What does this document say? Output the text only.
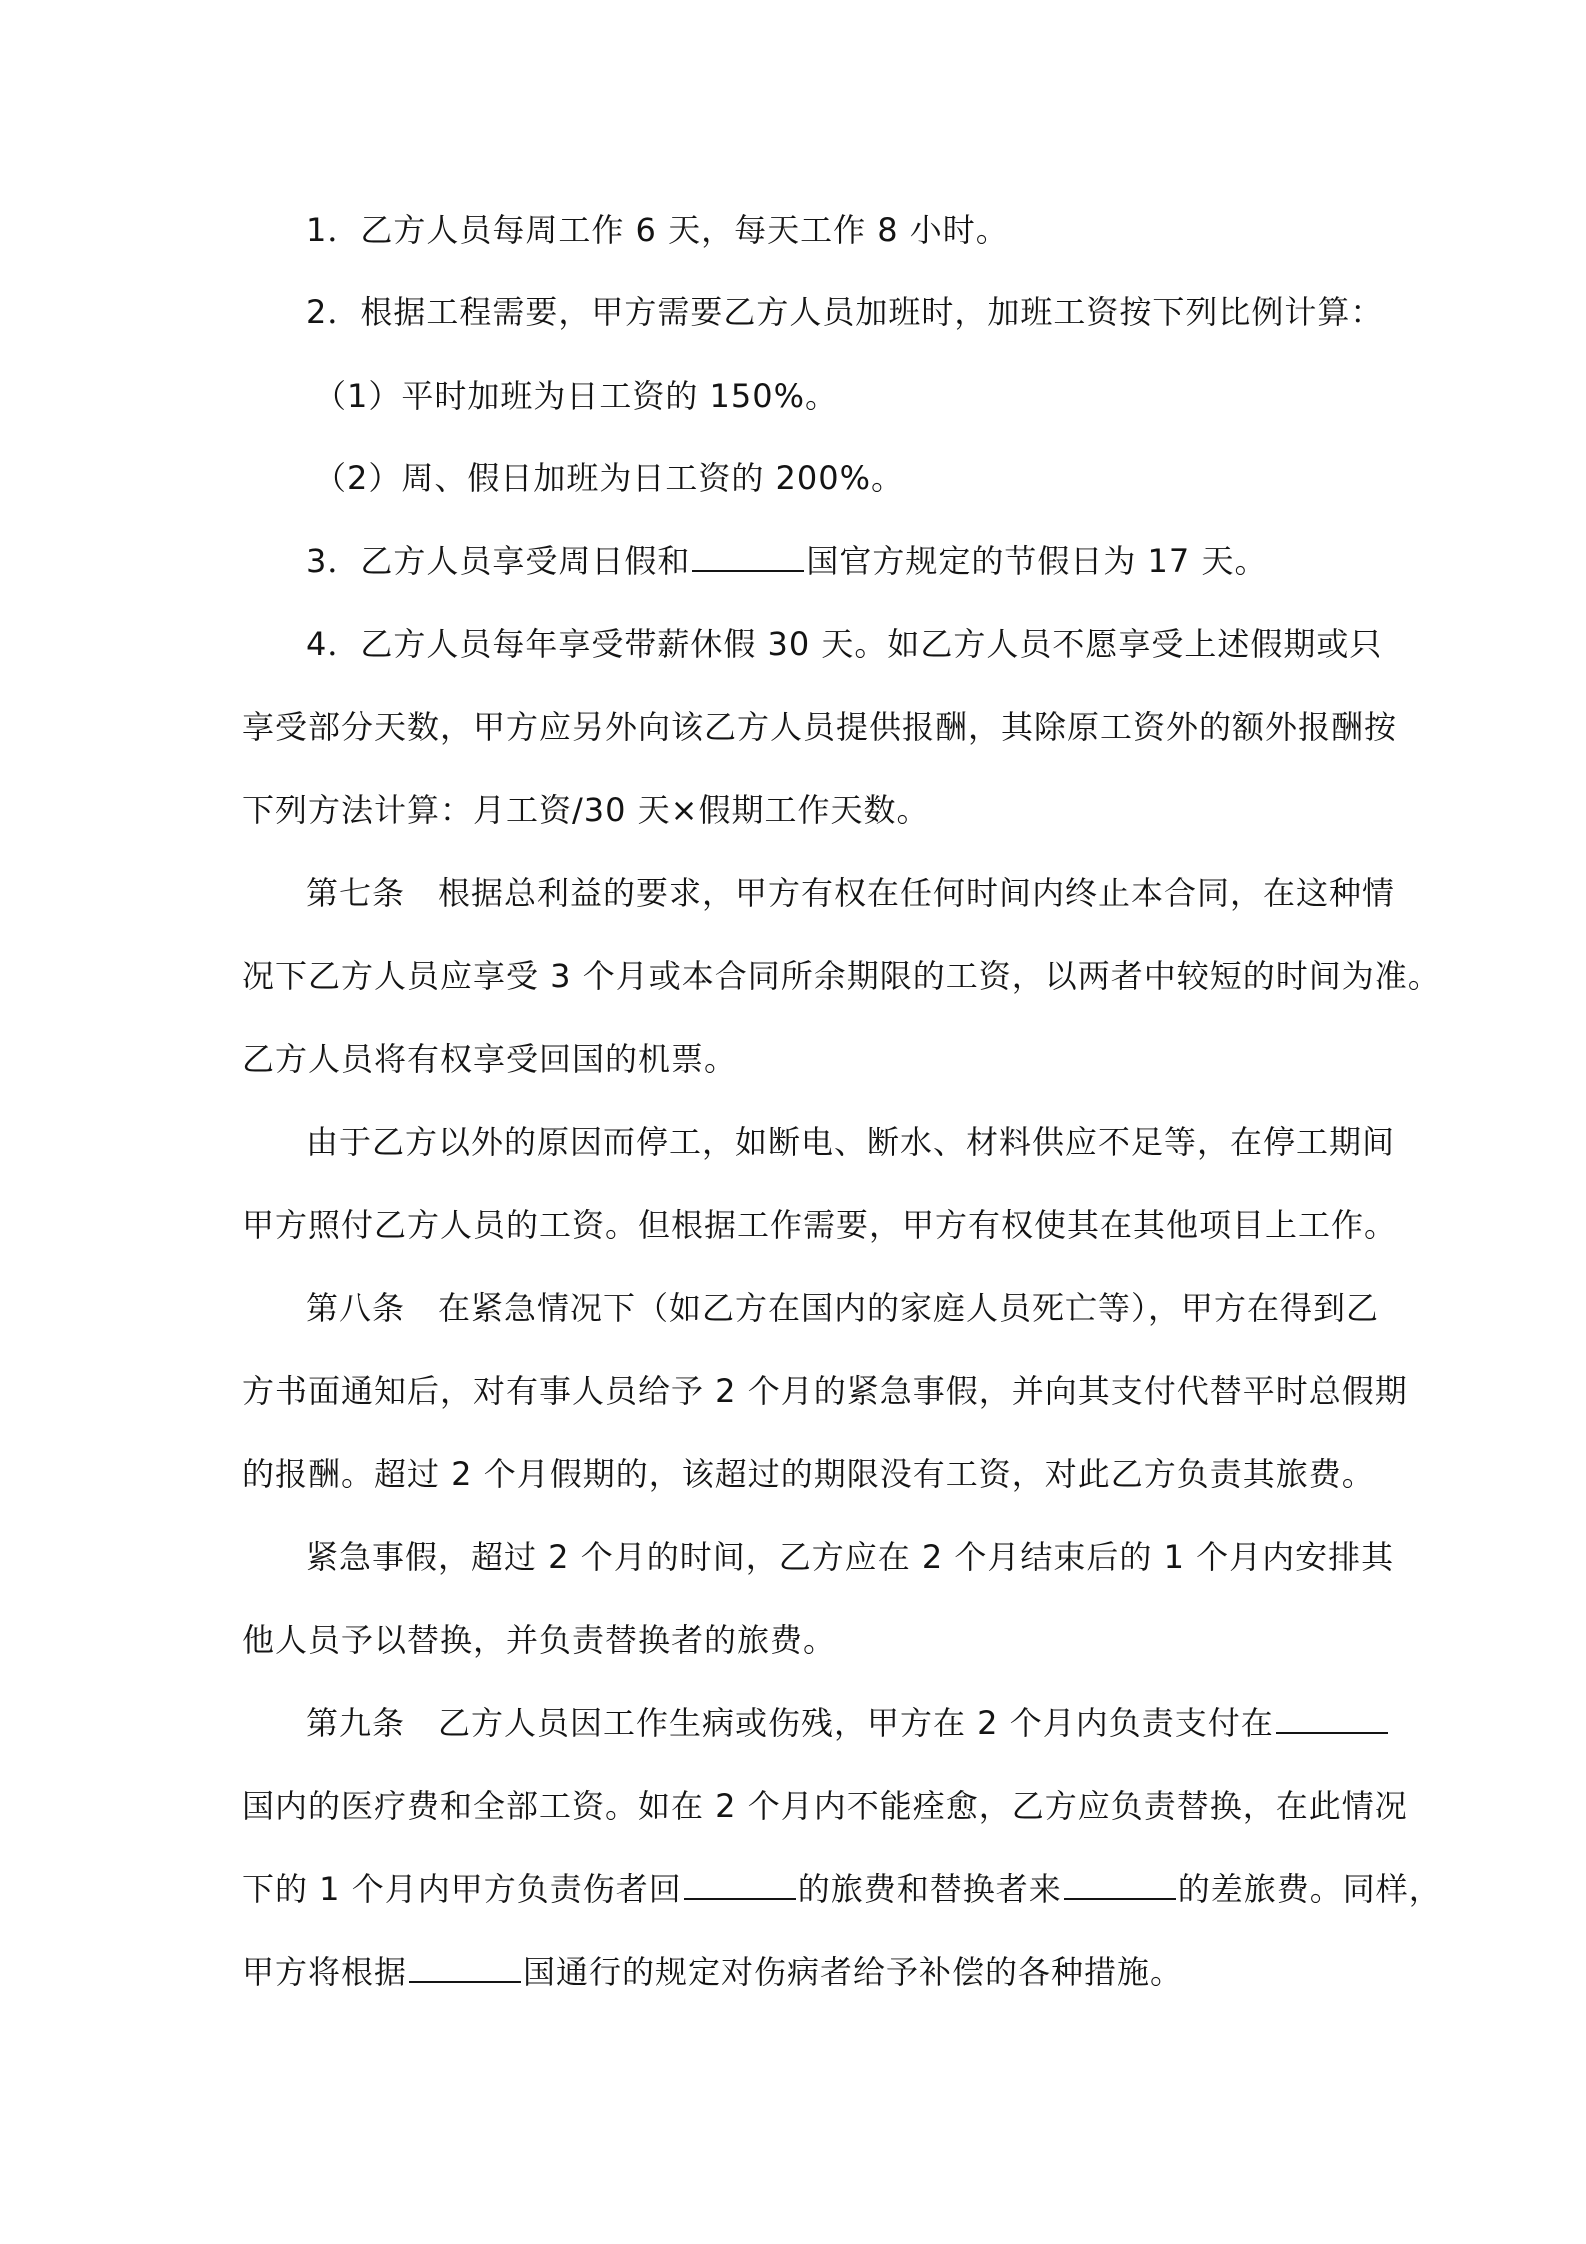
1．乙方人员每周工作 6 天，每天工作 8 小时。
2．根据工程需要，甲方需要乙方人员加班时，加班工资按下列比例计算：
（1）平时加班为日工资的 150%。
（2）周、假日加班为日工资的 200%。
3．乙方人员享受周日假和	国官方规定的节假日为 17 天。
4．乙方人员每年享受带薪休假 30 天。如乙方人员不愿享受上述假期或只
享受部分天数，甲方应另外向该乙方人员提供报酬，其除原工资外的额外报酬按
下列方法计算：月工资/30 天×假期工作天数。
第七条　根据总利益的要求，甲方有权在任何时间内终止本合同，在这种情
况下乙方人员应享受 3 个月或本合同所余期限的工资，以两者中较短的时间为准。
乙方人员将有权享受回国的机票。
由于乙方以外的原因而停工，如断电、断水、材料供应不足等，在停工期间
甲方照付乙方人员的工资。但根据工作需要，甲方有权使其在其他项目上工作。
第八条　在紧急情况下（如乙方在国内的家庭人员死亡等），甲方在得到乙
方书面通知后，对有事人员给予 2 个月的紧急事假，并向其支付代替平时总假期
的报酬。超过 2 个月假期的，该超过的期限没有工资，对此乙方负责其旅费。
紧急事假，超过 2 个月的时间，乙方应在 2 个月结束后的 1 个月内安排其
他人员予以替换，并负责替换者的旅费。
第九条　乙方人员因工作生病或伤残，甲方在 2 个月内负责支付在
国内的医疗费和全部工资。如在 2 个月内不能痊愈，乙方应负责替换，在此情况
下的 1 个月内甲方负责伤者回	的旅费和替换者来	的差旅费。同样，
甲方将根据	国通行的规定对伤病者给予补偿的各种措施。
